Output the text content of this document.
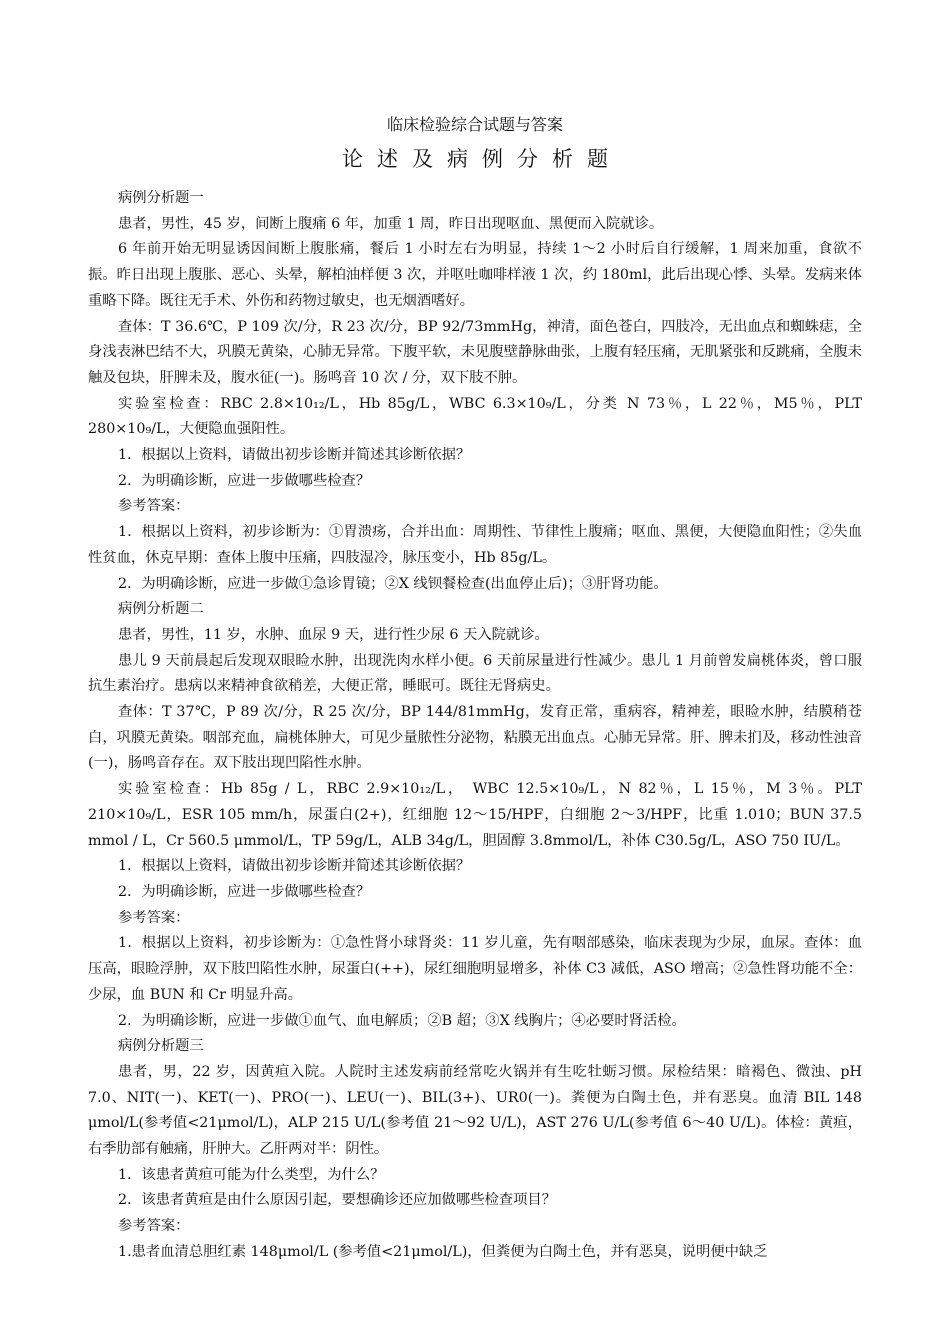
临床检验综合试题与答案
论述及病例分析题

病例分析题一

患者，男性，45 岁，间断上腹痛 6 年，加重 1 周，昨日出现呕血、黑便而入院就诊。

6 年前开始无明显诱因间断上腹胀痛，餐后 1 小时左右为明显，持续 1～2 小时后自行缓解，1 周来加重，食欲不振。昨日出现上腹胀、恶心、头晕，解柏油样便 3 次，并呕吐咖啡样液 1 次，约 180ml，此后出现心悸、头晕。发病来体重略下降。既往无手术、外伤和药物过敏史，也无烟酒嗜好。

查体：T 36.6℃，P 109 次/分，R 23 次/分，BP 92/73mmHg，神清，面色苍白，四肢冷，无出血点和蜘蛛痣，全身浅表淋巴结不大，巩膜无黄染，心肺无异常。下腹平软，未见腹壁静脉曲张，上腹有轻压痛，无肌紧张和反跳痛，全腹未触及包块，肝脾未及，腹水征(一)。肠鸣音 10 次 / 分，双下肢不肿。

实验室检查：RBC 2.8×10₁₂/L，Hb 85g/L，WBC 6.3×10₉/L，分类 N 73％，L 22％，M5％，PLT 280×10₉/L，大便隐血强阳性。

1．根据以上资料，请做出初步诊断并简述其诊断依据？

2．为明确诊断，应进一步做哪些检查？

参考答案：

1．根据以上资料，初步诊断为：①胃溃疡，合并出血：周期性、节律性上腹痛；呕血、黑便，大便隐血阳性；②失血性贫血，休克早期：查体上腹中压痛，四肢湿冷，脉压变小，Hb 85g/L。

2．为明确诊断，应进一步做①急诊胃镜；②X 线钡餐检查(出血停止后)；③肝肾功能。

病例分析题二

患者，男性，11 岁，水肿、血尿 9 天，进行性少尿 6 天入院就诊。

患儿 9 天前晨起后发现双眼睑水肿，出现洗肉水样小便。6 天前尿量进行性减少。患儿 1 月前曾发扁桃体炎，曾口服抗生素治疗。患病以来精神食欲稍差，大便正常，睡眠可。既往无肾病史。

查体：T 37℃，P 89 次/分，R 25 次/分，BP 144/81mmHg，发育正常，重病容，精神差，眼睑水肿，结膜稍苍白，巩膜无黄染。咽部充血，扁桃体肿大，可见少量脓性分泌物，粘膜无出血点。心肺无异常。肝、脾未扪及，移动性浊音(一)，肠鸣音存在。双下肢出现凹陷性水肿。

实验室检查：Hb 85g / L，RBC 2.9×10₁₂/L， WBC 12.5×10₉/L，N 82％，L 15％，M 3％。PLT 210×10₉/L，ESR 105 mm/h，尿蛋白(2+)，红细胞 12～15/HPF，白细胞 2～3/HPF，比重 1.010；BUN 37.5 mmol / L，Cr 560.5 μmmol/L，TP 59g/L，ALB 34g/L，胆固醇 3.8mmol/L，补体 C30.5g/L，ASO 750 IU/L。

1．根据以上资料，请做出初步诊断并简述其诊断依据？

2．为明确诊断，应进一步做哪些检查？

参考答案：

1．根据以上资料，初步诊断为：①急性肾小球肾炎：11 岁儿童，先有咽部感染，临床表现为少尿，血尿。查体：血压高，眼睑浮肿，双下肢凹陷性水肿，尿蛋白(++)，尿红细胞明显增多，补体 C3 减低，ASO 增高；②急性肾功能不全：少尿，血 BUN 和 Cr 明显升高。

2．为明确诊断，应进一步做①血气、血电解质；②B 超；③X 线胸片；④必要时肾活检。

病例分析题三

患者，男，22 岁，因黄疸入院。人院时主述发病前经常吃火锅并有生吃牡蛎习惯。尿检结果：暗褐色、微浊、pH 7.0、NIT(一)、KET(一)、PRO(一)、LEU(一)、BIL(3+)、UR0(一)。粪便为白陶土色，并有恶臭。血清 BIL 148 μmol/L(参考值<21μmol/L)，ALP 215 U/L(参考值 21～92 U/L)，AST 276 U/L(参考值 6～40 U/L)。体检：黄疸，右季肋部有触痛，肝肿大。乙肝两对半：阴性。

1．该患者黄疸可能为什么类型，为什么？

2．该患者黄疸是由什么原因引起，要想确诊还应加做哪些检查项目？

参考答案：

1.患者血清总胆红素 148μmol/L (参考值<21μmol/L)，但粪便为白陶土色，并有恶臭，说明便中缺乏
